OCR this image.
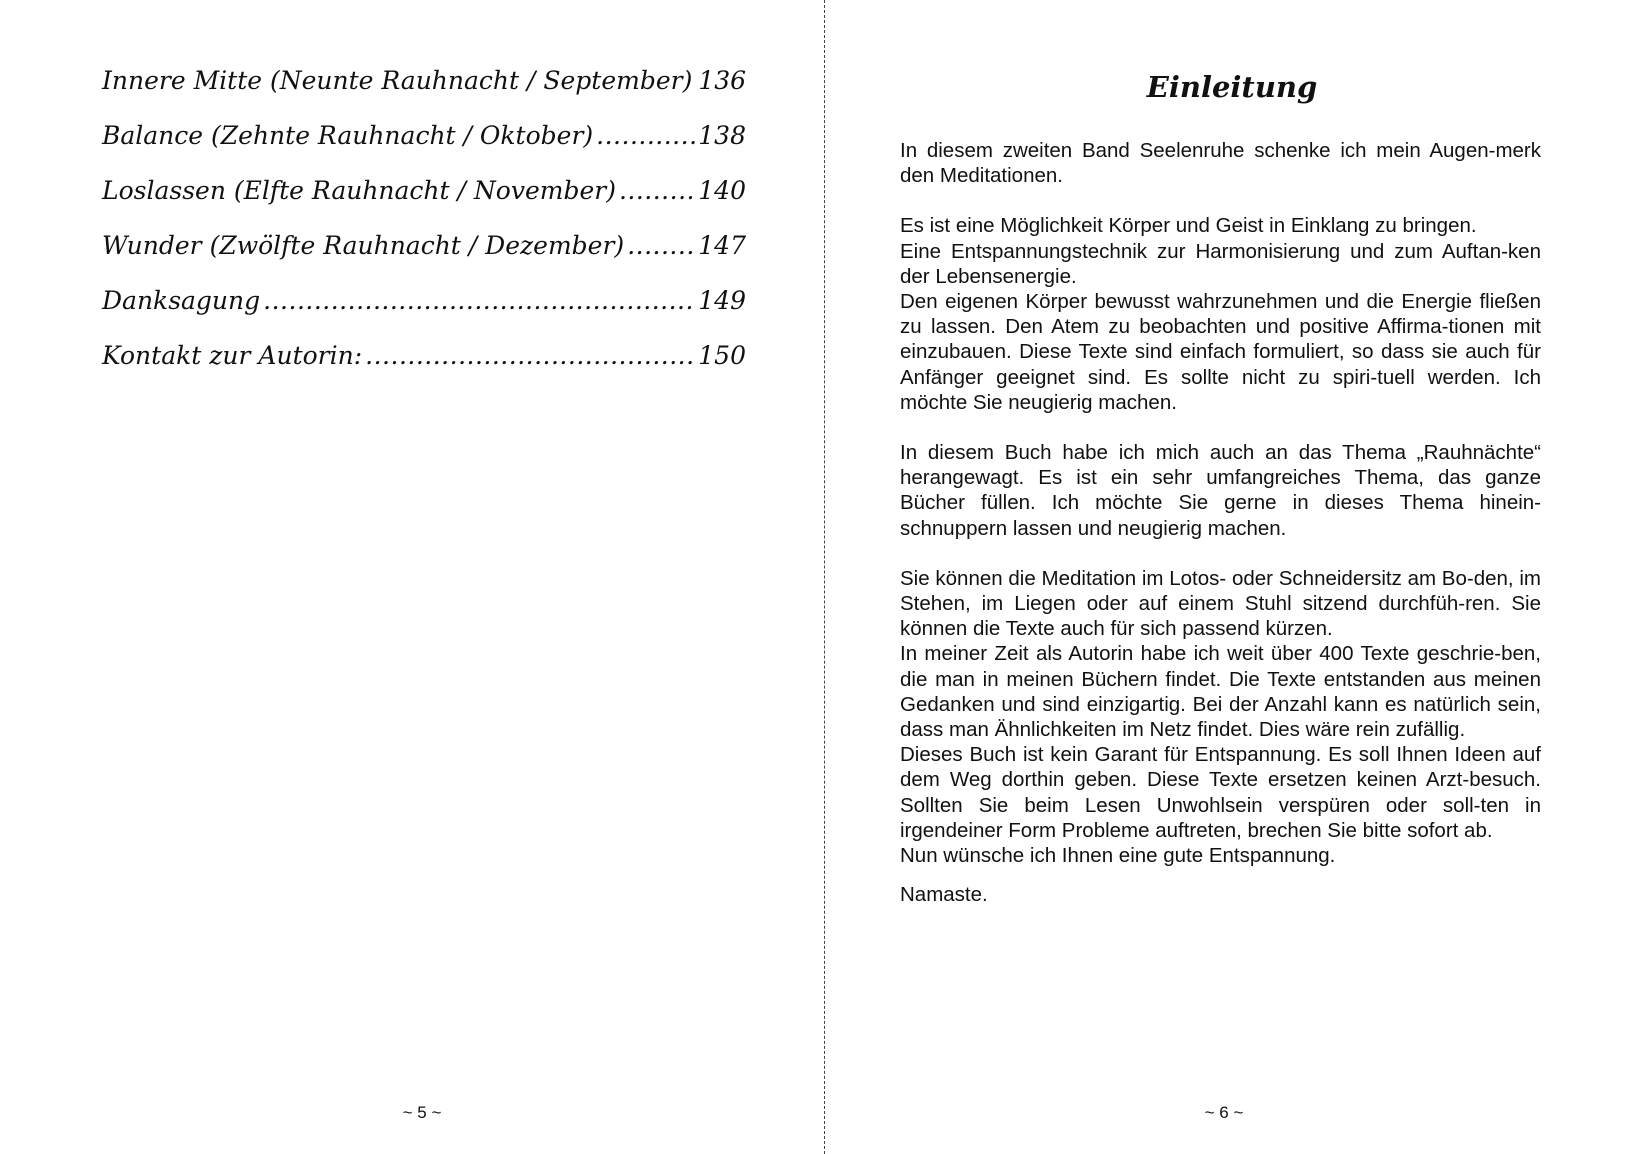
Innere Mitte (Neunte Rauhnacht / September) 136
Balance (Zehnte Rauhnacht / Oktober) .....	138
Loslassen (Elfte Rauhnacht / November) .....	140
Wunder (Zwölfte Rauhnacht / Dezember) .....	147
Danksagung .....	149
Kontakt zur Autorin: .....	150
~ 5 ~
Einleitung

In diesem zweiten Band Seelenruhe schenke ich mein Augen-merk den Meditationen.

Es ist eine Möglichkeit Körper und Geist in Einklang zu bringen.

Eine Entspannungstechnik zur Harmonisierung und zum Auftan-ken der Lebensenergie.

Den eigenen Körper bewusst wahrzunehmen und die Energie fließen zu lassen. Den Atem zu beobachten und positive Affirma-tionen mit einzubauen. Diese Texte sind einfach formuliert, so dass sie auch für Anfänger geeignet sind. Es sollte nicht zu spiri-tuell werden. Ich möchte Sie neugierig machen.

In diesem Buch habe ich mich auch an das Thema „Rauhnächte“ herangewagt. Es ist ein sehr umfangreiches Thema, das ganze Bücher füllen. Ich möchte Sie gerne in dieses Thema hinein-schnuppern lassen und neugierig machen.

Sie können die Meditation im Lotos- oder Schneidersitz am Bo-den, im Stehen, im Liegen oder auf einem Stuhl sitzend durchfüh-ren. Sie können die Texte auch für sich passend kürzen.

In meiner Zeit als Autorin habe ich weit über 400 Texte geschrie-ben, die man in meinen Büchern findet. Die Texte entstanden aus meinen Gedanken und sind einzigartig. Bei der Anzahl kann es natürlich sein, dass man Ähnlichkeiten im Netz findet. Dies wäre rein zufällig.

Dieses Buch ist kein Garant für Entspannung. Es soll Ihnen Ideen auf dem Weg dorthin geben. Diese Texte ersetzen keinen Arzt-besuch. Sollten Sie beim Lesen Unwohlsein verspüren oder soll-ten in irgendeiner Form Probleme auftreten, brechen Sie bitte sofort ab.

Nun wünsche ich Ihnen eine gute Entspannung.

Namaste.

~ 6 ~
